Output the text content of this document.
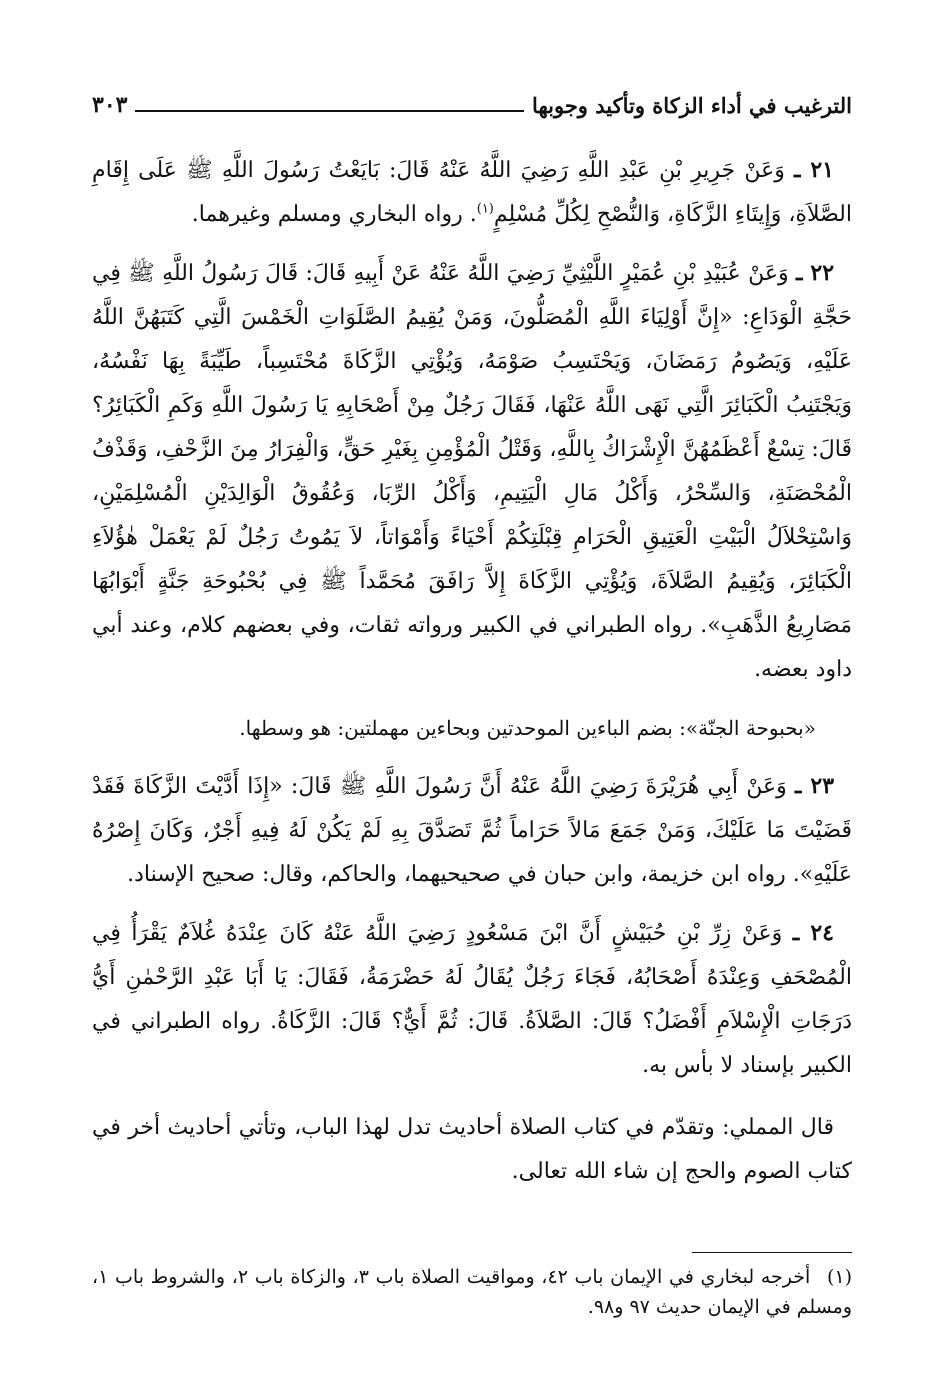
الترغيب في أداء الزكاة وتأكيد وجوبها
٣٠٣

٢١ ـ وَعَنْ جَرِيرِ بْنِ عَبْدِ اللَّهِ رَضِيَ اللَّهُ عَنْهُ قَالَ: بَايَعْتُ رَسُولَ اللَّهِ ﷺ عَلَى إِقَامِ الصَّلاَةِ، وَإِيتَاءِ الزَّكَاةِ، وَالنُّصْحِ لِكُلِّ مُسْلِمٍ$^{(١)}$. رواه البخاري ومسلم وغيرهما.

٢٢ ـ وَعَنْ عُبَيْدِ بْنِ عُمَيْرٍ اللَّيْثِيِّ رَضِيَ اللَّهُ عَنْهُ عَنْ أَبِيهِ قَالَ: قَالَ رَسُولُ اللَّهِ ﷺ فِي حَجَّةِ الْوَدَاعِ: «إِنَّ أَوْلِيَاءَ اللَّهِ الْمُصَلُّونَ، وَمَنْ يُقِيمُ الصَّلَوَاتِ الْخَمْسَ الَّتِي كَتَبَهُنَّ اللَّهُ عَلَيْهِ، وَيَصُومُ رَمَضَانَ، وَيَحْتَسِبُ صَوْمَهُ، وَيُؤْتِي الزَّكَاةَ مُحْتَسِباً، طَيِّبَةً بِهَا نَفْسُهُ، وَيَجْتَنِبُ الْكَبَائِرَ الَّتِي نَهَى اللَّهُ عَنْهَا، فَقَالَ رَجُلٌ مِنْ أَصْحَابِهِ يَا رَسُولَ اللَّهِ وَكَمِ الْكَبَائِرُ؟ قَالَ: تِسْعٌ أَعْظَمُهُنَّ الْإِشْرَاكُ بِاللَّهِ، وَقَتْلُ الْمُؤْمِنِ بِغَيْرِ حَقٍّ، وَالْفِرَارُ مِنَ الزَّحْفِ، وَقَذْفُ الْمُحْصَنَةِ، وَالسِّحْرُ، وَأَكْلُ مَالِ الْيَتِيمِ، وَأَكْلُ الرِّبَا، وَعُقُوقُ الْوَالِدَيْنِ الْمُسْلِمَيْنِ، وَاسْتِحْلاَلُ الْبَيْتِ الْعَتِيقِ الْحَرَامِ قِبْلَتِكُمْ أَحْيَاءً وَأَمْوَاتاً، لاَ يَمُوتُ رَجُلٌ لَمْ يَعْمَلْ هٰؤُلاَءِ الْكَبَائِرَ، وَيُقِيمُ الصَّلاَةَ، وَيُؤْتِي الزَّكَاةَ إِلاَّ رَافَقَ مُحَمَّداً ﷺ فِي بُحْبُوحَةِ جَنَّةٍ أَبْوَابُهَا مَصَارِيعُ الذَّهَبِ». رواه الطبراني في الكبير ورواته ثقات، وفي بعضهم كلام، وعند أبي داود بعضه.

«بحبوحة الجنّة»: بضم الباءين الموحدتين وبحاءين مهملتين: هو وسطها.

٢٣ ـ وَعَنْ أَبِي هُرَيْرَةَ رَضِيَ اللَّهُ عَنْهُ أَنَّ رَسُولَ اللَّهِ ﷺ قَالَ: «إِذَا أَدَّيْتَ الزَّكَاةَ فَقَدْ قَضَيْتَ مَا عَلَيْكَ، وَمَنْ جَمَعَ مَالاً حَرَاماً ثُمَّ تَصَدَّقَ بِهِ لَمْ يَكُنْ لَهُ فِيهِ أَجْرٌ، وَكَانَ إِصْرُهُ عَلَيْهِ». رواه ابن خزيمة، وابن حبان في صحيحيهما، والحاكم، وقال: صحيح الإسناد.

٢٤ ـ وَعَنْ زِرِّ بْنِ حُبَيْشٍ أَنَّ ابْنَ مَسْعُودٍ رَضِيَ اللَّهُ عَنْهُ كَانَ عِنْدَهُ غُلاَمٌ يَقْرَأُ فِي الْمُصْحَفِ وَعِنْدَهُ أَصْحَابُهُ، فَجَاءَ رَجُلٌ يُقَالُ لَهُ حَضْرَمَةُ، فَقَالَ: يَا أَبَا عَبْدِ الرَّحْمٰنِ أَيُّ دَرَجَاتِ الْإِسْلاَمِ أَفْضَلُ؟ قَالَ: الصَّلاَةُ. قَالَ: ثُمَّ أَيٌّ؟ قَالَ: الزَّكَاةُ. رواه الطبراني في الكبير بإسناد لا بأس به.

قال المملي: وتقدّم في كتاب الصلاة أحاديث تدل لهذا الباب، وتأتي أحاديث أخر في كتاب الصوم والحج إن شاء الله تعالى.

(١) أخرجه لبخاري في الإيمان باب ٤٢، ومواقيت الصلاة باب ٣، والزكاة باب ٢، والشروط باب ١، ومسلم في الإيمان حديث ٩٧ و٩٨.
